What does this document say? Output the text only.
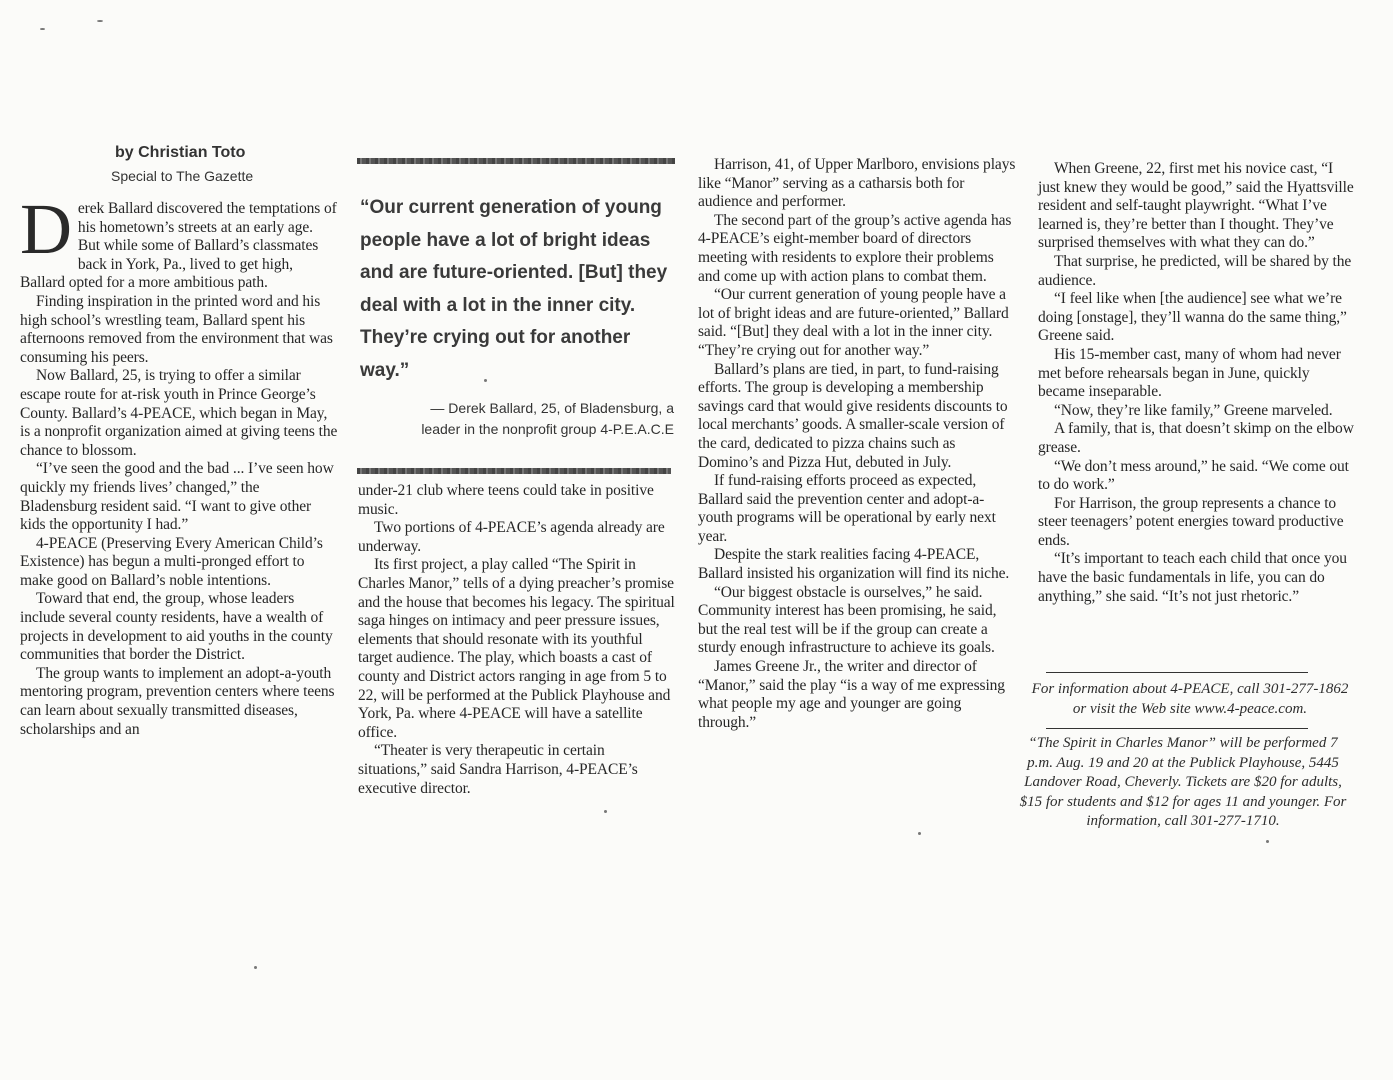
by Christian Toto
Special to The Gazette

Derek Ballard discovered the temptations of his hometown’s streets at an early age. But while some of Ballard’s classmates back in York, Pa., lived to get high, Ballard opted for a more ambitious path.

Finding inspiration in the printed word and his high school’s wrestling team, Ballard spent his afternoons removed from the environment that was consuming his peers.

Now Ballard, 25, is trying to offer a similar escape route for at-risk youth in Prince George’s County. Ballard’s 4-PEACE, which began in May, is a nonprofit organization aimed at giving teens the chance to blossom.

“I’ve seen the good and the bad ... I’ve seen how quickly my friends lives’ changed,” the Bladensburg resident said. “I want to give other kids the opportunity I had.”

4-PEACE (Preserving Every American Child’s Existence) has begun a multi-pronged effort to make good on Ballard’s noble intentions.

Toward that end, the group, whose leaders include several county residents, have a wealth of projects in development to aid youths in the county communities that border the District.

The group wants to implement an adopt-a-youth mentoring program, prevention centers where teens can learn about sexually transmitted diseases, scholarships and an

“Our current generation of young people have a lot of bright ideas and are future-oriented. [But] they deal with a lot in the inner city. They’re crying out for another way.”
— Derek Ballard, 25, of Bladensburg, a leader in the nonprofit group 4-P.E.A.C.E

under-21 club where teens could take in positive music.

Two portions of 4-PEACE’s agenda already are underway.

Its first project, a play called “The Spirit in Charles Manor,” tells of a dying preacher’s promise and the house that becomes his legacy. The spiritual saga hinges on intimacy and peer pressure issues, elements that should resonate with its youthful target audience. The play, which boasts a cast of county and District actors ranging in age from 5 to 22, will be performed at the Publick Playhouse and York, Pa. where 4-PEACE will have a satellite office.

“Theater is very therapeutic in certain situations,” said Sandra Harrison, 4-PEACE’s executive director.

Harrison, 41, of Upper Marlboro, envisions plays like “Manor” serving as a catharsis both for audience and performer.

The second part of the group’s active agenda has 4-PEACE’s eight-member board of directors meeting with residents to explore their problems and come up with action plans to combat them.

“Our current generation of young people have a lot of bright ideas and are future-oriented,” Ballard said. “[But] they deal with a lot in the inner city. “They’re crying out for another way.”

Ballard’s plans are tied, in part, to fund-raising efforts. The group is developing a membership savings card that would give residents discounts to local merchants’ goods. A smaller-scale version of the card, dedicated to pizza chains such as Domino’s and Pizza Hut, debuted in July.

If fund-raising efforts proceed as expected, Ballard said the prevention center and adopt-a-youth programs will be operational by early next year.

Despite the stark realities facing 4-PEACE, Ballard insisted his organization will find its niche.

“Our biggest obstacle is ourselves,” he said. Community interest has been promising, he said, but the real test will be if the group can create a sturdy enough infrastructure to achieve its goals.

James Greene Jr., the writer and director of “Manor,” said the play “is a way of me expressing what people my age and younger are going through.”

When Greene, 22, first met his novice cast, “I just knew they would be good,” said the Hyattsville resident and self-taught playwright. “What I’ve learned is, they’re better than I thought. They’ve surprised themselves with what they can do.”

That surprise, he predicted, will be shared by the audience.

“I feel like when [the audience] see what we’re doing [onstage], they’ll wanna do the same thing,” Greene said.

His 15-member cast, many of whom had never met before rehearsals began in June, quickly became inseparable.

“Now, they’re like family,” Greene marveled.

A family, that is, that doesn’t skimp on the elbow grease.

“We don’t mess around,” he said. “We come out to do work.”

For Harrison, the group represents a chance to steer teenagers’ potent energies toward productive ends.

“It’s important to teach each child that once you have the basic fundamentals in life, you can do anything,” she said. “It’s not just rhetoric.”

For information about 4-PEACE, call 301-277-1862 or visit the Web site www.4-peace.com.

“The Spirit in Charles Manor” will be performed 7 p.m. Aug. 19 and 20 at the Publick Playhouse, 5445 Landover Road, Cheverly. Tickets are $20 for adults, $15 for students and $12 for ages 11 and younger. For information, call 301-277-1710.
